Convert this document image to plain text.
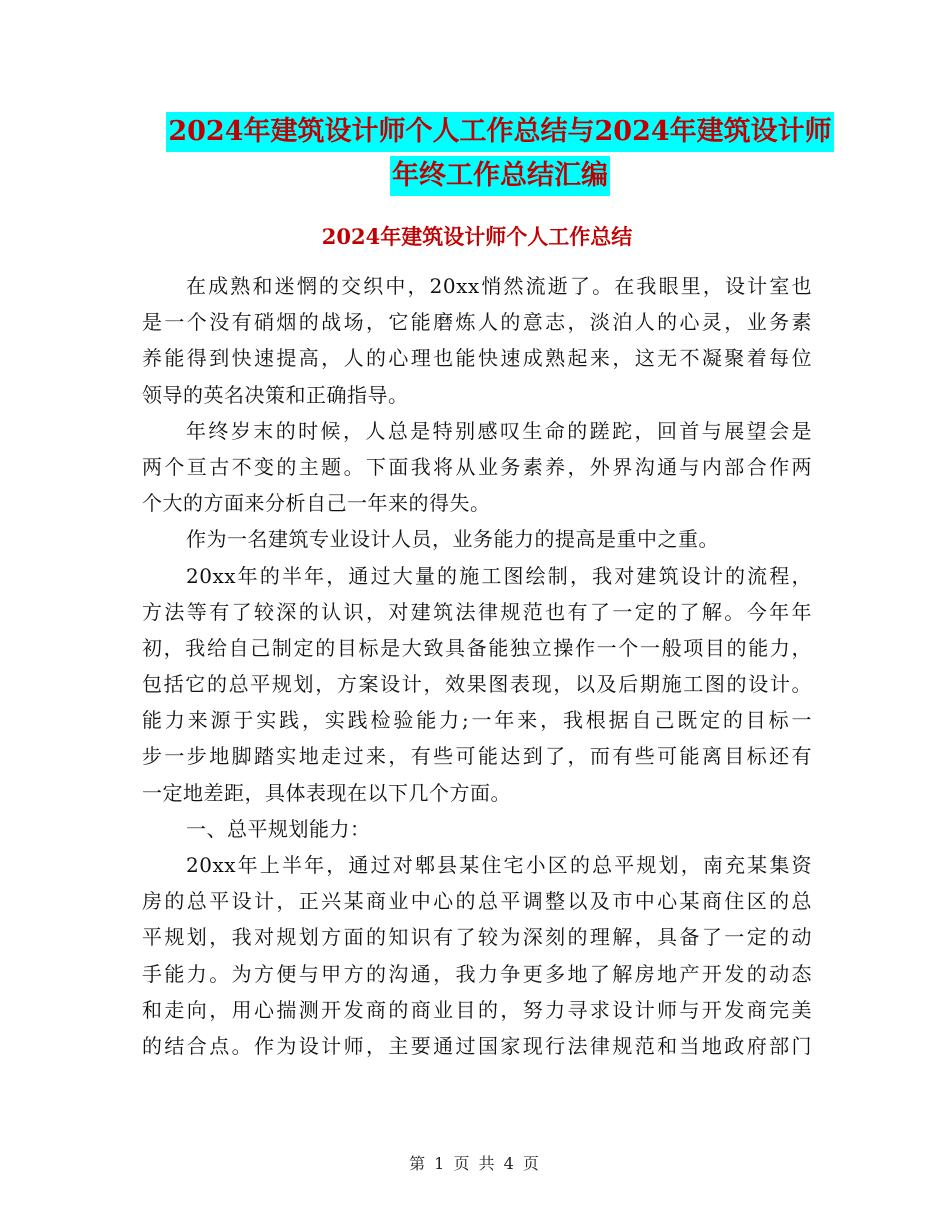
2024年建筑设计师个人工作总结与2024年建筑设计师
年终工作总结汇编
2024年建筑设计师个人工作总结
在成熟和迷惘的交织中，20xx悄然流逝了。在我眼里，设计室也
是一个没有硝烟的战场，它能磨炼人的意志，淡泊人的心灵，业务素
养能得到快速提高，人的心理也能快速成熟起来，这无不凝聚着每位
领导的英名决策和正确指导。
年终岁末的时候，人总是特别感叹生命的蹉跎，回首与展望会是
两个亘古不变的主题。下面我将从业务素养，外界沟通与内部合作两
个大的方面来分析自己一年来的得失。
作为一名建筑专业设计人员，业务能力的提高是重中之重。
20xx年的半年，通过大量的施工图绘制，我对建筑设计的流程，
方法等有了较深的认识，对建筑法律规范也有了一定的了解。今年年
初，我给自己制定的目标是大致具备能独立操作一个一般项目的能力，
包括它的总平规划，方案设计，效果图表现，以及后期施工图的设计。
能力来源于实践，实践检验能力;一年来，我根据自己既定的目标一
步一步地脚踏实地走过来，有些可能达到了，而有些可能离目标还有
一定地差距，具体表现在以下几个方面。
一、总平规划能力：
20xx年上半年，通过对郫县某住宅小区的总平规划，南充某集资
房的总平设计，正兴某商业中心的总平调整以及市中心某商住区的总
平规划，我对规划方面的知识有了较为深刻的理解，具备了一定的动
手能力。为方便与甲方的沟通，我力争更多地了解房地产开发的动态
和走向，用心揣测开发商的商业目的，努力寻求设计师与开发商完美
的结合点。作为设计师，主要通过国家现行法律规范和当地政府部门
第 1 页 共 4 页
